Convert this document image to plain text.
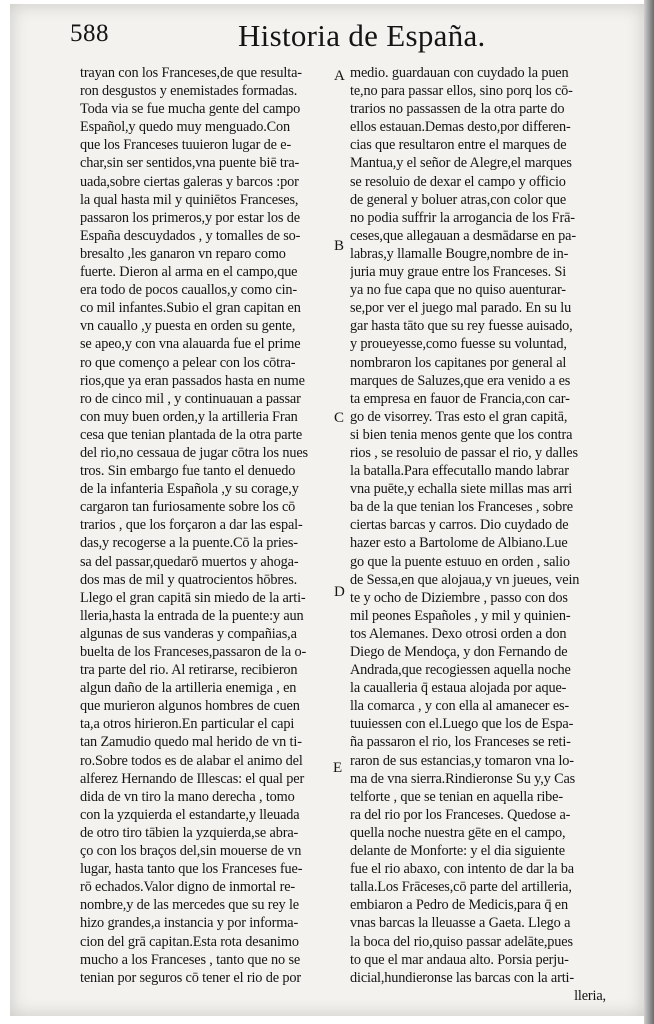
588	Historia de España.
trayan con los Franceses,de que resulta-
ron desgustos y enemistades formadas.
Toda via se fue mucha gente del campo
Español,y quedo muy menguado.Con
que los Franceses tuuieron lugar de e-
char,sin ser sentidos,vna puente biē tra-
uada,sobre ciertas galeras y barcos :por
la qual hasta mil y quiniētos Franceses,
passaron los primeros,y por estar los de
España descuydados , y tomalles de so-
bresalto ,les ganaron vn reparo como
fuerte. Dieron al arma en el campo,que
era todo de pocos cauallos,y como cin-
co mil infantes.Subio el gran capitan en
vn cauallo ,y puesta en orden su gente,
se apeo,y con vna alauarda fue el prime
ro que començo a pelear con los cōtra-
rios,que ya eran passados hasta en nume
ro de cinco mil , y continuauan a passar
con muy buen orden,y la artilleria Fran
cesa que tenian plantada de la otra parte
del rio,no cessaua de jugar cōtra los nues
tros. Sin embargo fue tanto el denuedo
de la infanteria Española ,y su corage,y
cargaron tan furiosamente sobre los cō
trarios , que los forçaron a dar las espal-
das,y recogerse a la puente.Cō la pries-
sa del passar,quedarō muertos y ahoga-
dos mas de mil y quatrocientos hōbres.
Llego el gran capitā sin miedo de la arti-
lleria,hasta la entrada de la puente:y aun
algunas de sus vanderas y compañias,a
buelta de los Franceses,passaron de la o-
tra parte del rio. Al retirarse, recibieron
algun daño de la artilleria enemiga , en
que murieron algunos hombres de cuen
ta,a otros hirieron.En particular el capi
tan Zamudio quedo mal herido de vn ti-
ro.Sobre todos es de alabar el animo del
alferez Hernando de Illescas: el qual per
dida de vn tiro la mano derecha , tomo
con la yzquierda el estandarte,y lleuada
de otro tiro tābien la yzquierda,se abra-
ço con los braços del,sin mouerse de vn
lugar, hasta tanto que los Franceses fue-
rō echados.Valor digno de inmortal re-
nombre,y de las mercedes que su rey le
hizo grandes,a instancia y por informa-
cion del grā capitan.Esta rota desanimo
mucho a los Franceses , tanto que no se
tenian por seguros cō tener el rio de por
medio. guardauan con cuydado la puen
te,no para passar ellos, sino porq los cō-
trarios no passassen de la otra parte do
ellos estauan.Demas desto,por differen-
cias que resultaron entre el marques de
Mantua,y el señor de Alegre,el marques
se resoluio de dexar el campo y officio
de general y boluer atras,con color que
no podia suffrir la arrogancia de los Frā-
ceses,que allegauan a desmādarse en pa-
labras,y llamalle Bougre,nombre de in-
juria muy graue entre los Franceses. Si
ya no fue capa que no quiso auenturar-
se,por ver el juego mal parado. En su lu
gar hasta tāto que su rey fuesse auisado,
y proueyesse,como fuesse su voluntad,
nombraron los capitanes por general al
marques de Saluzes,que era venido a es
ta empresa en fauor de Francia,con car-
go de visorrey. Tras esto el gran capitā,
si bien tenia menos gente que los contra
rios , se resoluio de passar el rio, y dalles
la batalla.Para effecutallo mando labrar
vna puēte,y echalla siete millas mas arri
ba de la que tenian los Franceses , sobre
ciertas barcas y carros. Dio cuydado de
hazer esto a Bartolome de Albiano.Lue
go que la puente estuuo en orden , salio
de Sessa,en que alojaua,y vn jueues, vein
te y ocho de Diziembre , passo con dos
mil peones Españoles , y mil y quinien-
tos Alemanes. Dexo otrosi orden a don
Diego de Mendoça, y don Fernando de
Andrada,que recogiessen aquella noche
la caualleria q̄ estaua alojada por aque-
lla comarca , y con ella al amanecer es-
tuuiessen con el.Luego que los de Espa-
ña passaron el rio, los Franceses se reti-
raron de sus estancias,y tomaron vna lo-
ma de vna sierra.Rindieronse Su y,y Cas
telforte , que se tenian en aquella ribe-
ra del rio por los Franceses. Quedose a-
quella noche nuestra gēte en el campo,
delante de Monforte: y el dia siguiente
fue el rio abaxo, con intento de dar la ba
talla.Los Frāceses,cō parte del artilleria,
embiaron a Pedro de Medicis,para q̄ en
vnas barcas la lleuasse a Gaeta. Llego a
la boca del rio,quiso passar adelāte,pues
to que el mar andaua alto. Porsia perju-
dicial,hundieronse las barcas con la arti-
lleria,
A
B
C
D
E
